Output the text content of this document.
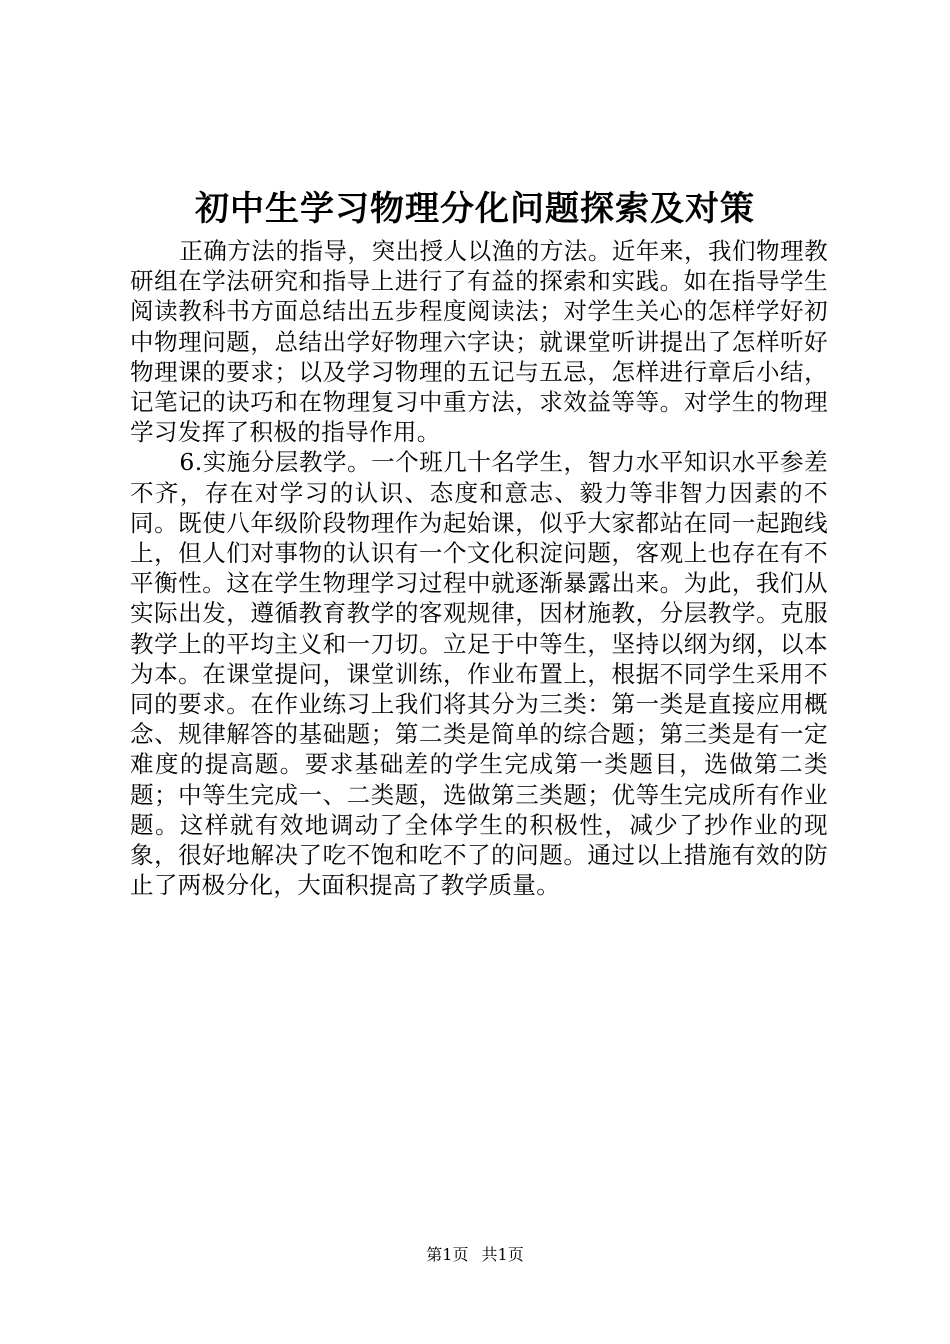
初中生学习物理分化问题探索及对策

正确方法的指导，突出授人以渔的方法。近年来，我们物理教研组在学法研究和指导上进行了有益的探索和实践。如在指导学生阅读教科书方面总结出五步程度阅读法；对学生关心的怎样学好初中物理问题，总结出学好物理六字诀；就课堂听讲提出了怎样听好物理课的要求；以及学习物理的五记与五忌，怎样进行章后小结，记笔记的诀巧和在物理复习中重方法，求效益等等。对学生的物理学习发挥了积极的指导作用。

6.实施分层教学。一个班几十名学生，智力水平知识水平参差不齐，存在对学习的认识、态度和意志、毅力等非智力因素的不同。既使八年级阶段物理作为起始课，似乎大家都站在同一起跑线上，但人们对事物的认识有一个文化积淀问题，客观上也存在有不平衡性。这在学生物理学习过程中就逐渐暴露出来。为此，我们从实际出发，遵循教育教学的客观规律，因材施教，分层教学。克服教学上的平均主义和一刀切。立足于中等生，坚持以纲为纲，以本为本。在课堂提问，课堂训练，作业布置上，根据不同学生采用不同的要求。在作业练习上我们将其分为三类：第一类是直接应用概念、规律解答的基础题；第二类是简单的综合题；第三类是有一定难度的提高题。要求基础差的学生完成第一类题目，选做第二类题；中等生完成一、二类题，选做第三类题；优等生完成所有作业题。这样就有效地调动了全体学生的积极性，减少了抄作业的现象，很好地解决了吃不饱和吃不了的问题。通过以上措施有效的防止了两极分化，大面积提高了教学质量。

第1页 共1页
